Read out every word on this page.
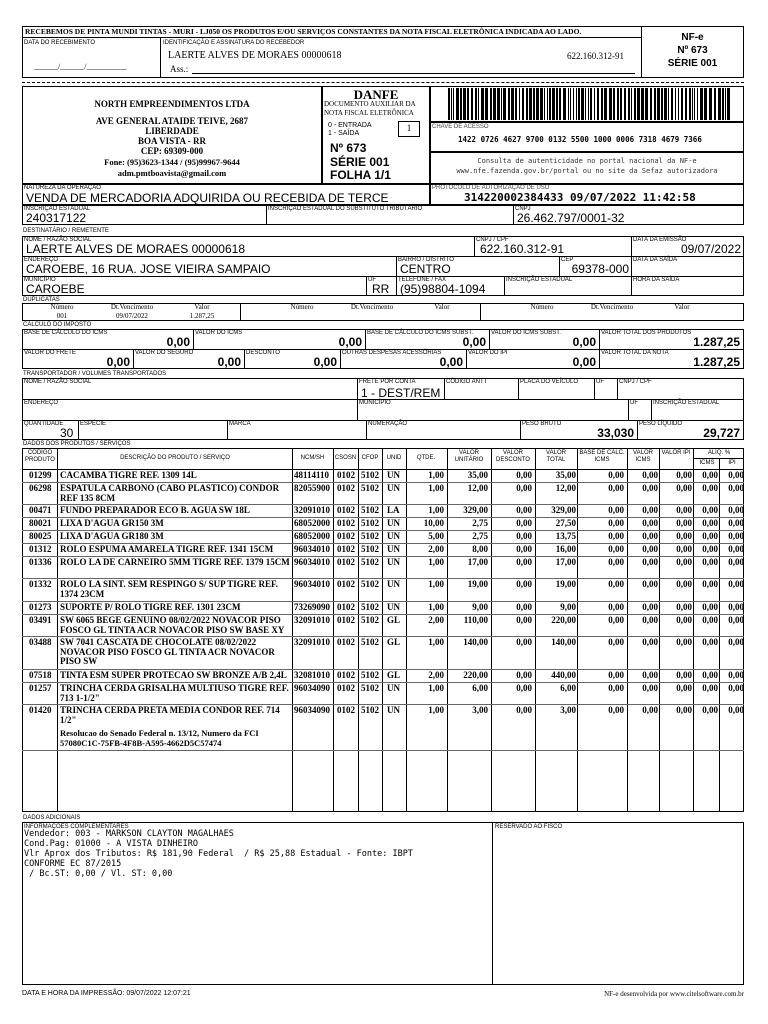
RECEBEMOS DE PINTA MUNDI TINTAS - MURI - LJ050 OS PRODUTOS E/OU SERVIÇOS CONSTANTES DA NOTA FISCAL ELETRÔNICA INDICADA AO LADO.
DATA DO RECEBIMENTO
______/______/__________
IDENTIFICAÇÃO E ASSINATURA DO RECEBEDOR
LAERTE ALVES DE MORAES 00000618	622.160.312-91
Ass.:
NF-e
Nº 673
SÉRIE 001
NORTH EMPREENDIMENTOS LTDA
AVE GENERAL ATAIDE TEIVE, 2687
LIBERDADE
BOA VISTA - RR
CEP: 69309-000
Fone: (95)3623-1344 / (95)99967-9644
adm.pmtboavista@gmail.com
DANFE
DOCUMENTO AUXILIAR DA
NOTA FISCAL ELETRÔNICA
0 - ENTRADA
1 - SAÍDA
1
Nº 673
SÉRIE 001
FOLHA 1/1
CHAVE DE ACESSO
1422 0726 4627 9700 0132 5500 1000 0006 7318 4679 7366
Consulta de autenticidade no portal nacional da NF-e
www.nfe.fazenda.gov.br/portal ou no site da Sefaz autorizadora
NATUREZA DA OPERAÇÃO
VENDA DE MERCADORIA ADQUIRIDA OU RECEBIDA DE TERCE
PROTOCOLO DE AUTORIZAÇÃO DE USO
314220002384433 09/07/2022 11:42:58
INSCRIÇÃO ESTADUAL
240317122
INSCRIÇÃO ESTADUAL DO SUBSTITUTO TRIBUTÁRIO	CNPJ
26.462.797/0001-32
DESTINATÁRIO / REMETENTE
NOME / RAZÃO SOCIAL
LAERTE ALVES DE MORAES 00000618
CNPJ / CPF
622.160.312-91
DATA DA EMISSÃO
09/07/2022
ENDEREÇO
CAROEBE, 16 RUA. JOSE VIEIRA SAMPAIO
BAIRRO / DISTRITO
CENTRO
CEP
69378-000
DATA DA SAÍDA
MUNICÍPIO
CAROEBE
UF
RR
TELEFONE / FAX
(95)98804-1094
INSCRIÇÃO ESTADUAL	HORA DA SAÍDA
DUPLICATAS
Número	Dt.Vencimento	Valor	Número	Dt.Vencimento	Valor	Número	Dt.Vencimento	Valor
001	09/07/2022	1.287,25
CÁLCULO DO IMPOSTO
BASE DE CÁLCULO DO ICMS
0,00
VALOR DO ICMS
0,00
BASE DE CÁLCULO DO ICMS SUBST.
0,00
VALOR DO ICMS SUBST.
0,00
VALOR TOTAL DOS PRODUTOS
1.287,25
VALOR DO FRETE
0,00
VALOR DO SEGURO
0,00
DESCONTO
0,00
OUTRAS DESPESAS ACESSÓRIAS
0,00
VALOR DO IPI
0,00
VALOR TOTAL DA NOTA
1.287,25
TRANSPORTADOR / VOLUMES TRANSPORTADOS
NOME / RAZÃO SOCIAL	FRETE POR CONTA
1 - DEST/REM
CÓDIGO ANTT	PLACA DO VEÍCULO	UF	CNPJ / CPF
ENDEREÇO	MUNICÍPIO	UF	INSCRIÇÃO ESTADUAL
QUANTIDADE
30
ESPÉCIE	MARCA	NUMERAÇÃO	PESO BRUTO
33,030
PESO LÍQUIDO
29,727
DADOS DOS PRODUTOS / SERVIÇOS
CÓDIGO PRODUTO	DESCRIÇÃO DO PRODUTO / SERVIÇO	NCM/SH	CSOSN CFOP	UNID	QTDE.
VALOR UNITÁRIO
VALOR DESCONTO
VALOR TOTAL
BASE DE CÁLC. ICMS
VALOR ICMS
VALOR IPI	ALÍQ. %
ICMS	IPI
01299 CACAMBA TIGRE REF. 1309 14L	48114110 0102 5102 UN	1,00	35,00	0,00	35,00	0,00	0,00	0,00	0,00	0,00
06298 ESPATULA CARBONO (CABO PLASTICO) CONDOR REF 135 8CM
82055900 0102 5102 UN	1,00	12,00	0,00	12,00	0,00	0,00	0,00	0,00	0,00
00471 FUNDO PREPARADOR ECO B. AGUA SW 18L	32091010 0102 5102 LA	1,00	329,00	0,00	329,00	0,00	0,00	0,00	0,00	0,00
80021 LIXA D'AGUA GR150 3M	68052000 0102 5102 UN	10,00	2,75	0,00	27,50	0,00	0,00	0,00	0,00	0,00
80025 LIXA D'AGUA GR180 3M	68052000 0102 5102 UN	5,00	2,75	0,00	13,75	0,00	0,00	0,00	0,00	0,00
01312 ROLO ESPUMA AMARELA TIGRE REF. 1341 15CM	96034010 0102 5102 UN	2,00	8,00	0,00	16,00	0,00	0,00	0,00	0,00	0,00
01336 ROLO LA DE CARNEIRO 5MM TIGRE REF. 1379 15CM 96034010 0102 5102 UN	1,00	17,00	0,00	17,00	0,00	0,00	0,00	0,00	0,00
01332 ROLO LA SINT. SEM RESPINGO S/ SUP TIGRE REF. 1374 23CM
96034010 0102 5102 UN	1,00	19,00	0,00	19,00	0,00	0,00	0,00	0,00	0,00
01273 SUPORTE P/ ROLO TIGRE REF. 1301 23CM	73269090 0102 5102 UN	1,00	9,00	0,00	9,00	0,00	0,00	0,00	0,00	0,00
03491 SW 6065 BEGE GENUINO 08/02/2022 NOVACOR PISO FOSCO GL TINTA ACR NOVACOR PISO SW BASE XY
32091010 0102 5102 GL	2,00	110,00	0,00	220,00	0,00	0,00	0,00	0,00	0,00
03488 SW 7041 CASCATA DE CHOCOLATE 08/02/2022 NOVACOR PISO FOSCO GL TINTA ACR NOVACOR PISO SW
32091010 0102 5102 GL	1,00	140,00	0,00	140,00	0,00	0,00	0,00	0,00	0,00
07518 TINTA ESM SUPER PROTECAO SW BRONZE A/B 2,4L 32081010 0102 5102 GL	2,00	220,00	0,00	440,00	0,00	0,00	0,00	0,00	0,00
01257 TRINCHA CERDA GRISALHA MULTIUSO TIGRE REF. 713 1-1/2"
96034090 0102 5102 UN	1,00	6,00	0,00	6,00	0,00	0,00	0,00	0,00	0,00
01420 TRINCHA CERDA PRETA MEDIA CONDOR REF. 714 1/2"
96034090 0102 5102 UN	1,00	3,00	0,00	3,00	0,00	0,00	0,00	0,00	0,00
Resolucao do Senado Federal n. 13/12, Numero da FCI
57080C1C-75FB-4F8B-A595-4662D5C57474
DADOS ADICIONAIS
INFORMAÇÕES COMPLEMENTARES	RESERVADO AO FISCO
Vendedor: 003 - MARKSON CLAYTON MAGALHAES
Cond.Pag: 01000 - A VISTA DINHEIRO
Vlr Aprox dos Tributos: R$ 181,90 Federal  / R$ 25,88 Estadual - Fonte: IBPT
CONFORME EC 87/2015
/ Bc.ST: 0,00 / Vl. ST: 0,00
DATA E HORA DA IMPRESSÃO: 09/07/2022 12:07:21	NF-e desenvolvida por www.citelsoftware.com.br
